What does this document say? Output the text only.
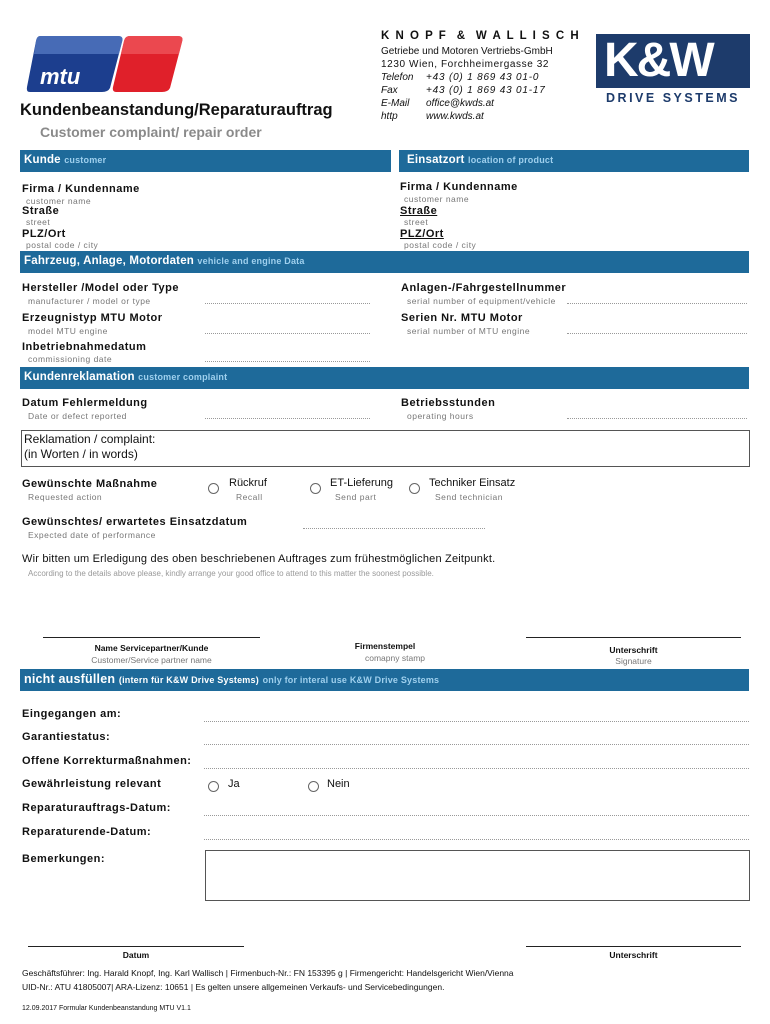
mtu
Kundenbeanstandung/Reparaturauftrag
Customer complaint/ repair order
K N O P F  &  W A L L I S C H
Getriebe und Motoren Vertriebs-GmbH
1230 Wien, Forchheimergasse 32
Telefon +43 (0) 1 869 43 01-0
Fax	+43 (0) 1 869 43 01-17
E-Mail office@kwds.at
http	www.kwds.at
K&W
DRIVE SYSTEMS
Kunde customer	Einsatzort location of product
Firma / Kundenname
customer name
Straße
street
PLZ/Ort
postal code / city
Firma / Kundenname
customer name
Straße
street
PLZ/Ort
postal code / city
Fahrzeug, Anlage, Motordaten vehicle and engine Data
Hersteller /Model oder Type
manufacturer / model or type
Erzeugnistyp MTU Motor
model MTU engine
Inbetriebnahmedatum
commissioning date
Anlagen-/Fahrgestellnummer
serial number of equipment/vehicle
Serien Nr. MTU Motor
serial number of MTU engine
Kundenreklamation customer complaint
Datum Fehlermeldung
Date or defect reported
Betriebsstunden
operating hours
Reklamation / complaint:
(in Worten / in words)
Gewünschte Maßnahme
Requested action
Rückruf
Recall
ET-Lieferung
Send part
Techniker Einsatz
Send technician
Gewünschtes/ erwartetes Einsatzdatum
Expected date of performance
Wir bitten um Erledigung des oben beschriebenen Auftrages zum frühestmöglichen Zeitpunkt.
According to the details above please, kindly arrange your good office to attend to this matter the soonest possible.
Name Servicepartner/Kunde
Customer/Service partner name
Firmenstempel
comapny stamp
Unterschrift
Signature
nicht ausfüllen (intern für K&W Drive Systems) only for interal use K&W Drive Systems
Eingegangen am:
Garantiestatus:
Offene Korrekturmaßnahmen:
Gewährleistung relevant	Ja	Nein
Reparaturauftrags-Datum:
Reparaturende-Datum:
Bemerkungen:
Datum	Unterschrift
Geschäftsführer: Ing. Harald Knopf, Ing. Karl Wallisch | Firmenbuch-Nr.: FN 153395 g | Firmengericht: Handelsgericht Wien/Vienna
UID-Nr.: ATU 41805007| ARA-Lizenz: 10651 | Es gelten unsere allgemeinen Verkaufs- und Servicebedingungen.
12.09.2017 Formular Kundenbeanstandung MTU V1.1
